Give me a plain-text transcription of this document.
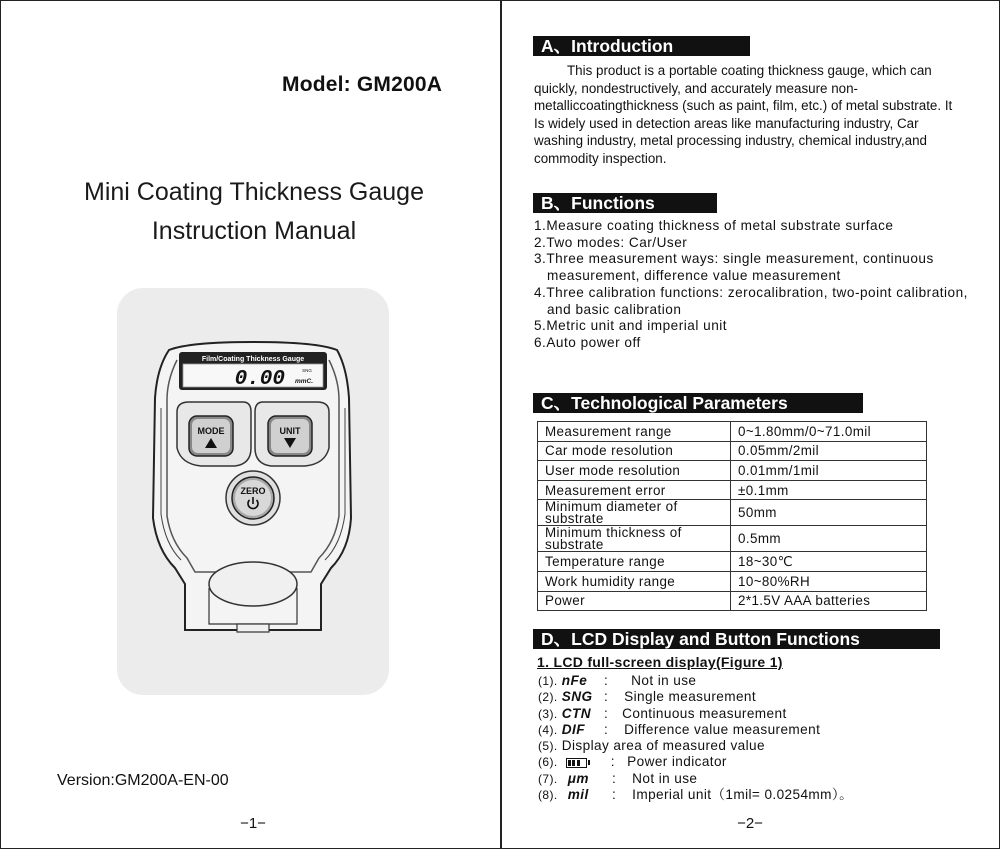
Model: GM200A
Mini Coating Thickness Gauge
Instruction Manual
Film/Coating Thickness Gauge
0.00 mmC.
SNG
MODE	UNIT
ZERO
Version:GM200A-EN-00
−1−
A、Introduction

This product is a portable coating thickness gauge, which can quickly, nondestructively, and accurately measure non-metalliccoatingthickness (such as paint, film, etc.) of metal substrate. It Is widely used in detection areas like manufacturing industry, Car washing industry, metal processing industry, chemical industry,and commodity inspection.

B、Functions
1.Measure coating thickness of metal substrate surface
2.Two modes: Car/User
3.Three measurement ways: single measurement, continuous measurement, difference value measurement
4.Three calibration functions: zerocalibration, two-point calibration, and basic calibration
5.Metric unit and imperial unit
6.Auto power off
C、Technological Parameters
Measurement range	0~1.80mm/0~71.0mil
Car mode resolution	0.05mm/2mil
User mode resolution	0.01mm/1mil
Measurement error	±0.1mm
Minimum diameter of substrate	50mm
Minimum thickness of substrate	0.5mm
Temperature range	18~30℃
Work humidity range	10~80%RH
Power	2*1.5V AAA batteries
D、LCD Display and Button Functions
1. LCD full-screen display(Figure 1)
(1). nFe : Not in use
(2). SNG : Single measurement
(3). CTN : Continuous measurement
(4). DIF : Difference value measurement
(5). Display area of measured value
(6).	: Power indicator
(7). μm : Not in use
(8). mil : Imperial unit（1mil= 0.0254mm）。
−2−
